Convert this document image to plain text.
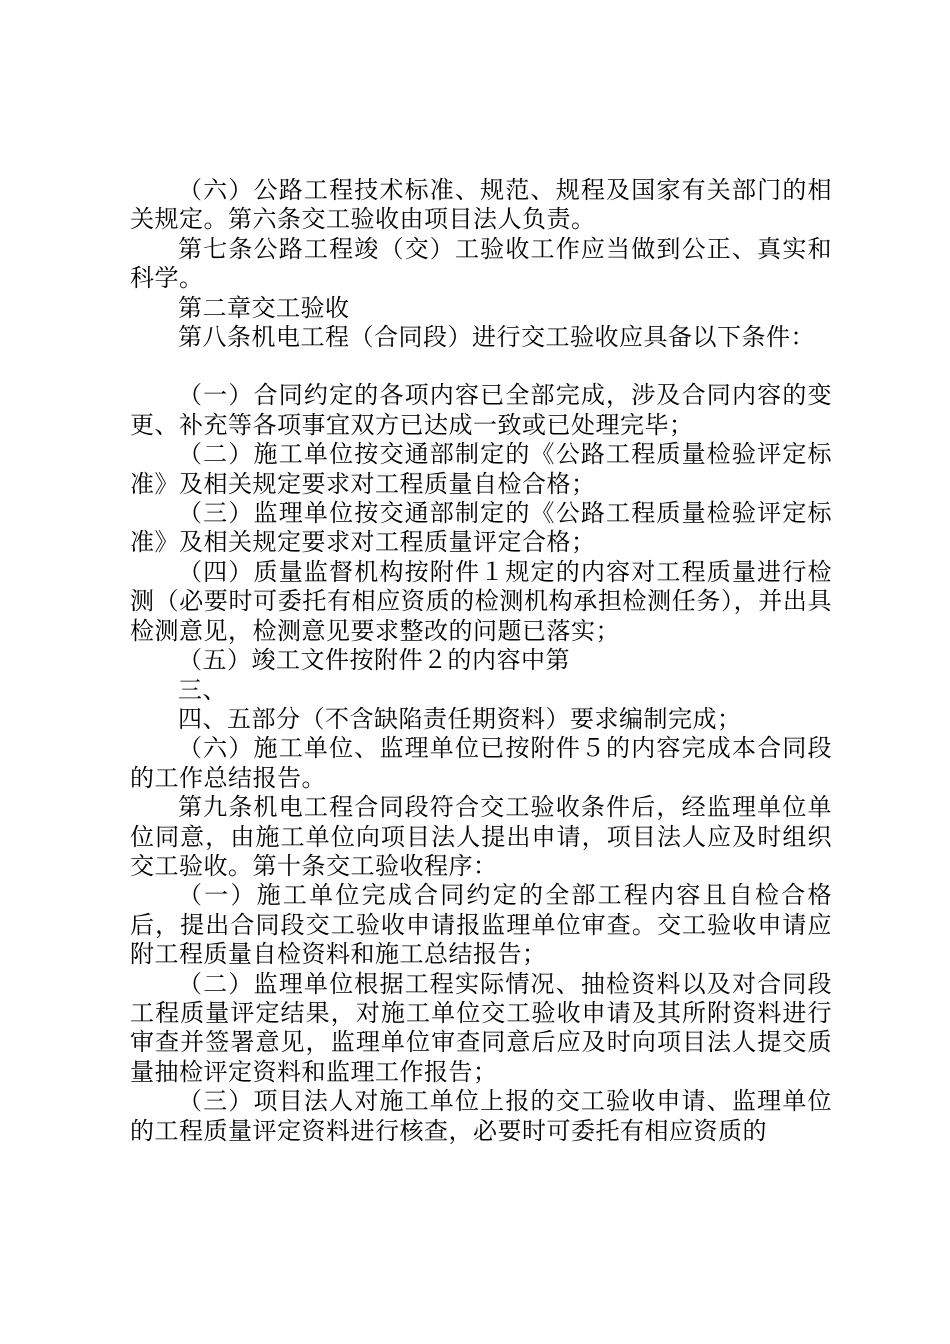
（六）公路工程技术标准、规范、规程及国家有关部门的相关规定。第六条交工验收由项目法人负责。

第七条公路工程竣（交）工验收工作应当做到公正、真实和科学。

第二章交工验收

第八条机电工程（合同段）进行交工验收应具备以下条件：

（一）合同约定的各项内容已全部完成，涉及合同内容的变更、补充等各项事宜双方已达成一致或已处理完毕；

（二）施工单位按交通部制定的《公路工程质量检验评定标准》及相关规定要求对工程质量自检合格；

（三）监理单位按交通部制定的《公路工程质量检验评定标准》及相关规定要求对工程质量评定合格；

（四）质量监督机构按附件１规定的内容对工程质量进行检测（必要时可委托有相应资质的检测机构承担检测任务），并出具检测意见，检测意见要求整改的问题已落实；

（五）竣工文件按附件２的内容中第

三、

四、五部分（不含缺陷责任期资料）要求编制完成；

（六）施工单位、监理单位已按附件５的内容完成本合同段的工作总结报告。

第九条机电工程合同段符合交工验收条件后，经监理单位单位同意，由施工单位向项目法人提出申请，项目法人应及时组织交工验收。第十条交工验收程序：

（一）施工单位完成合同约定的全部工程内容且自检合格后，提出合同段交工验收申请报监理单位审查。交工验收申请应附工程质量自检资料和施工总结报告；

（二）监理单位根据工程实际情况、抽检资料以及对合同段工程质量评定结果，对施工单位交工验收申请及其所附资料进行审查并签署意见，监理单位审查同意后应及时向项目法人提交质量抽检评定资料和监理工作报告；

（三）项目法人对施工单位上报的交工验收申请、监理单位的工程质量评定资料进行核查，必要时可委托有相应资质的
